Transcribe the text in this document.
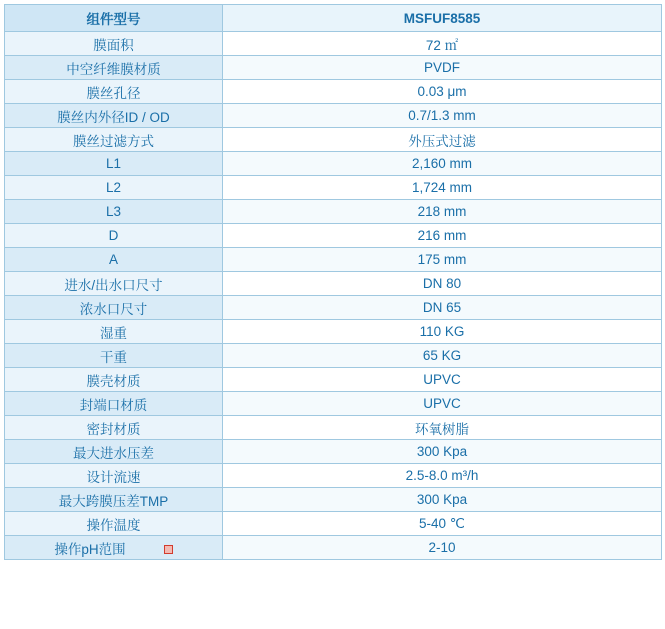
组件型号	MSFUF8585
膜面积	72 ㎡
中空纤维膜材质	PVDF
膜丝孔径	0.03 μm
膜丝内外径ID / OD	0.7/1.3 mm
膜丝过滤方式	外压式过滤
L1	2,160 mm
L2	1,724 mm
L3	218 mm
D	216 mm
A	175 mm
进水/出水口尺寸	DN 80
浓水口尺寸	DN 65
湿重	110 KG
干重	65 KG
膜壳材质	UPVC
封端口材质	UPVC
密封材质	环氧树脂
最大进水压差	300 Kpa
设计流速	2.5-8.0 m³/h
最大跨膜压差TMP	300 Kpa
操作温度	5-40 ℃
操作pH范围	2-10
